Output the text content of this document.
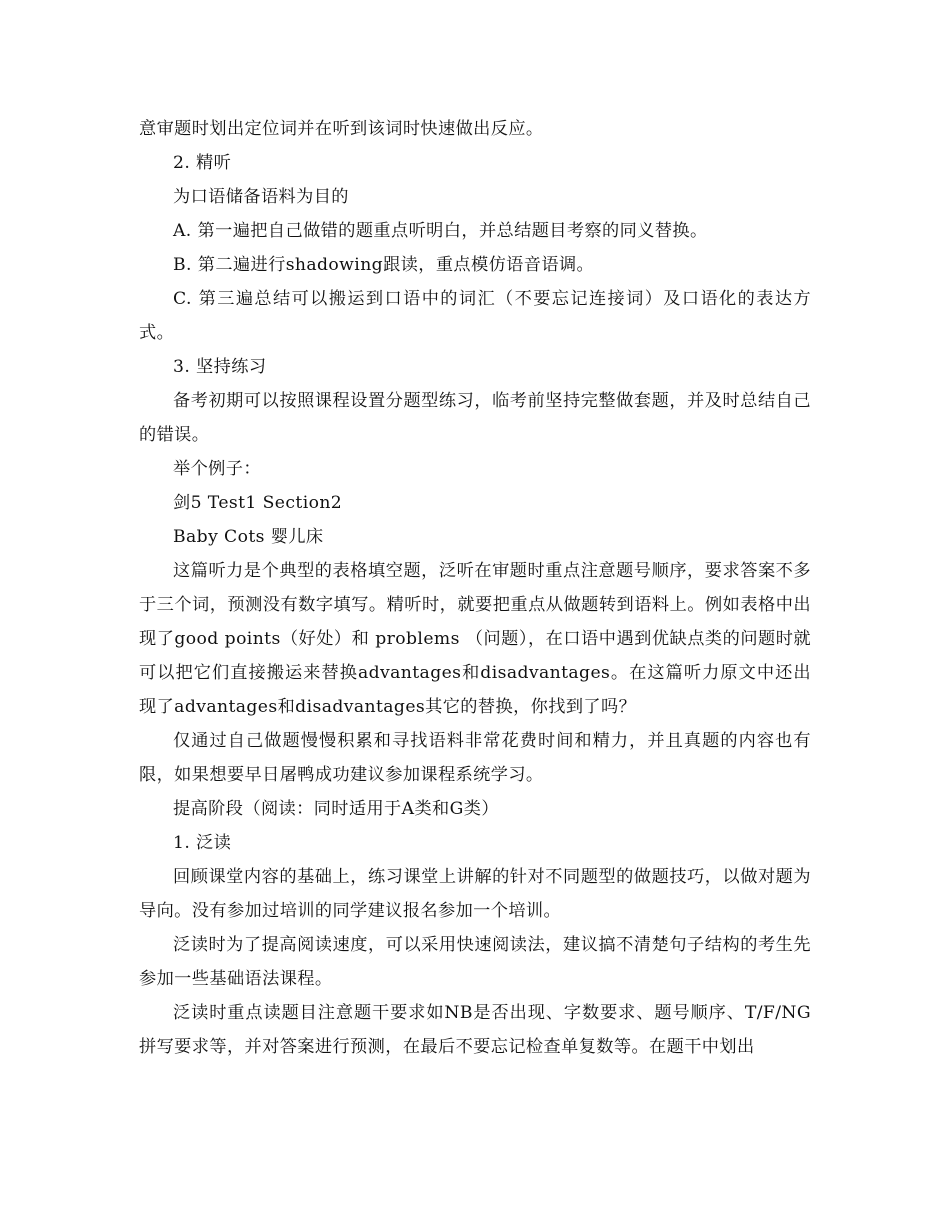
意审题时划出定位词并在听到该词时快速做出反应。

2. 精听

为口语储备语料为目的

A. 第一遍把自己做错的题重点听明白，并总结题目考察的同义替换。

B. 第二遍进行shadowing跟读，重点模仿语音语调。

C. 第三遍总结可以搬运到口语中的词汇（不要忘记连接词）及口语化的表达方式。

3. 坚持练习

备考初期可以按照课程设置分题型练习，临考前坚持完整做套题，并及时总结自己的错误。

举个例子：

剑5 Test1 Section2

Baby Cots 婴儿床

这篇听力是个典型的表格填空题，泛听在审题时重点注意题号顺序，要求答案不多于三个词，预测没有数字填写。精听时，就要把重点从做题转到语料上。例如表格中出现了good points（好处）和 problems （问题），在口语中遇到优缺点类的问题时就可以把它们直接搬运来替换advantages和disadvantages。在这篇听力原文中还出现了advantages和disadvantages其它的替换，你找到了吗？

仅通过自己做题慢慢积累和寻找语料非常花费时间和精力，并且真题的内容也有限，如果想要早日屠鸭成功建议参加课程系统学习。

提高阶段（阅读：同时适用于A类和G类）

1. 泛读

回顾课堂内容的基础上，练习课堂上讲解的针对不同题型的做题技巧，以做对题为导向。没有参加过培训的同学建议报名参加一个培训。

泛读时为了提高阅读速度，可以采用快速阅读法，建议搞不清楚句子结构的考生先参加一些基础语法课程。

泛读时重点读题目注意题干要求如NB是否出现、字数要求、题号顺序、T/F/NG拼写要求等，并对答案进行预测，在最后不要忘记检查单复数等。在题干中划出
